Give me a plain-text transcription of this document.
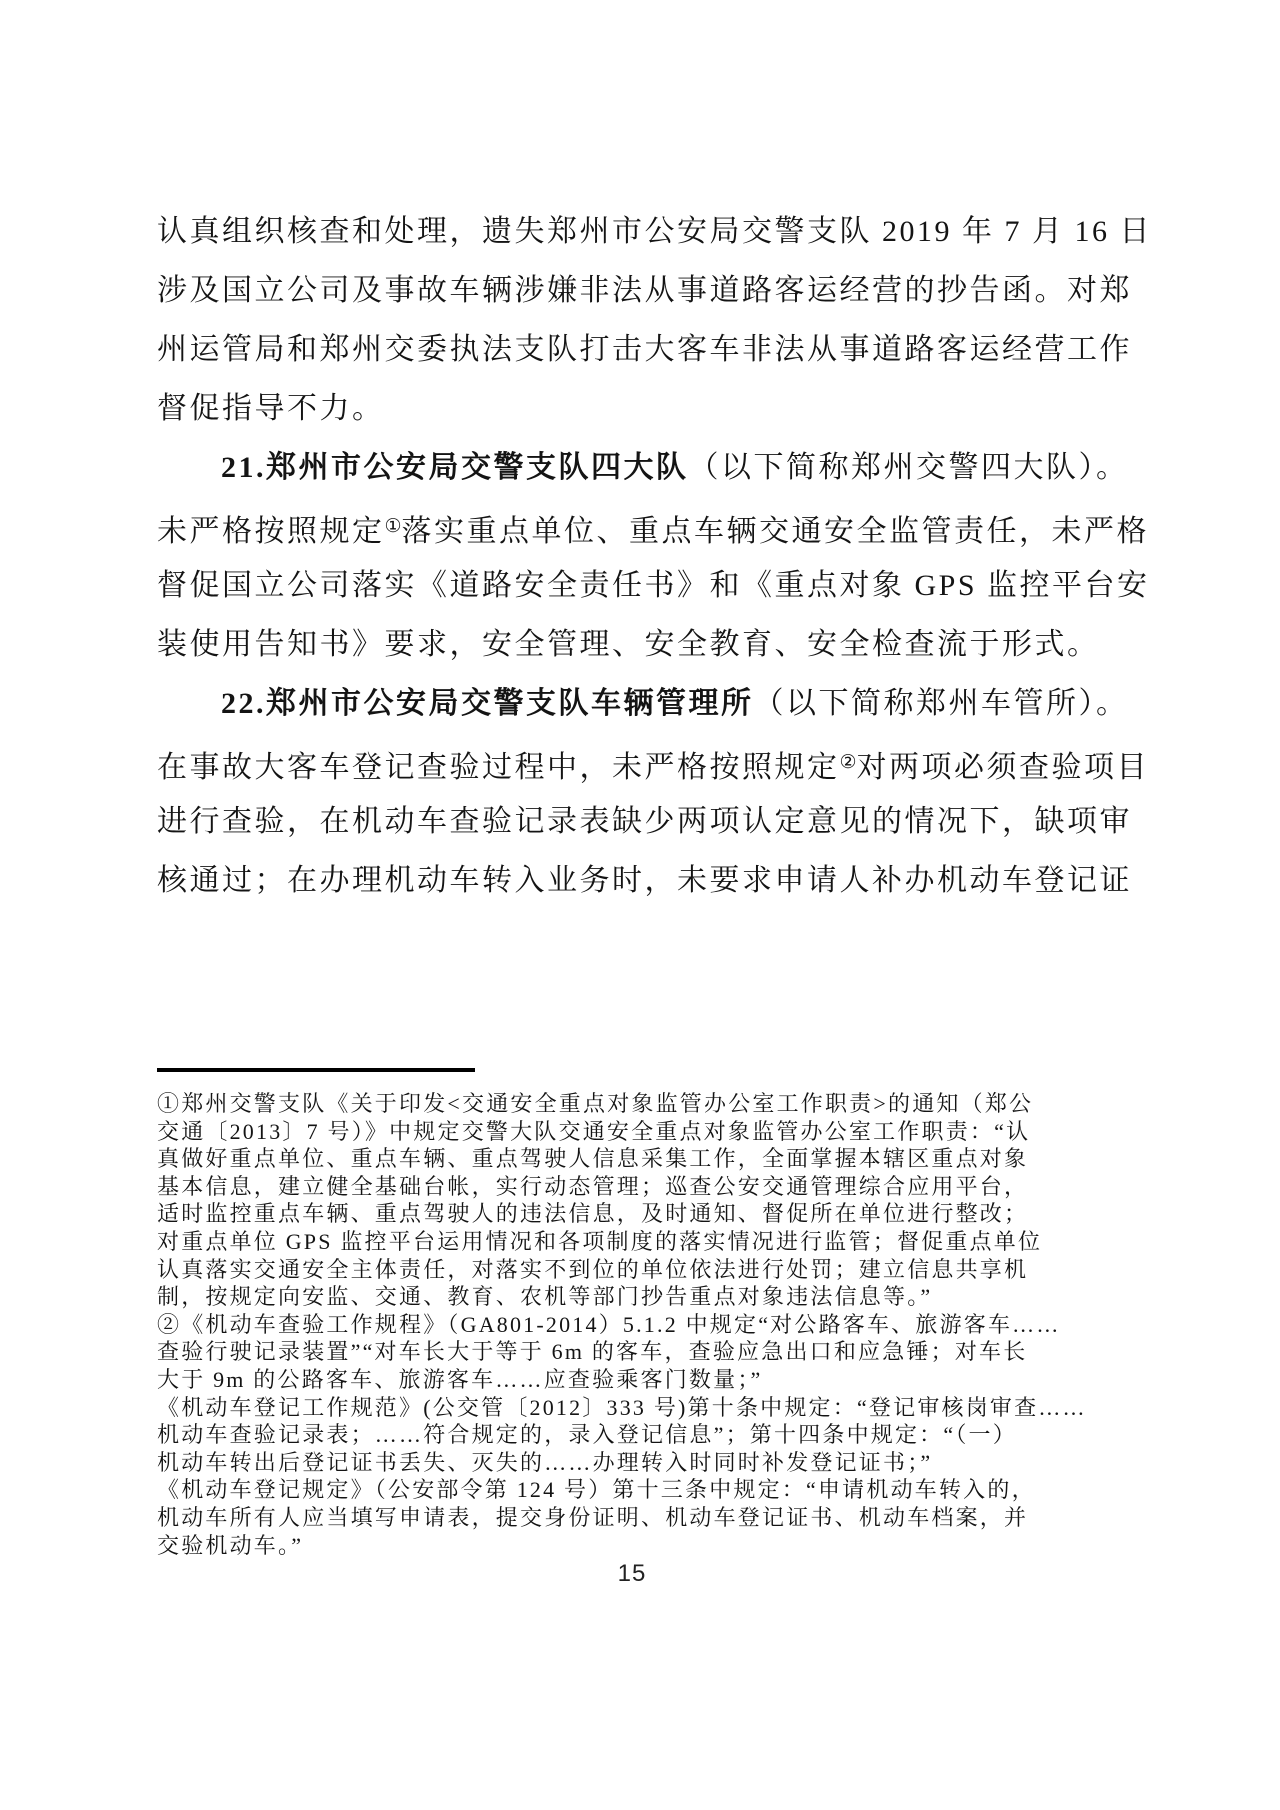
认真组织核查和处理，遗失郑州市公安局交警支队 2019 年 7 月 16 日
涉及国立公司及事故车辆涉嫌非法从事道路客运经营的抄告函。对郑
州运管局和郑州交委执法支队打击大客车非法从事道路客运经营工作
督促指导不力。
21.郑州市公安局交警支队四大队（以下简称郑州交警四大队）。
未严格按照规定①落实重点单位、重点车辆交通安全监管责任，未严格
督促国立公司落实《道路安全责任书》和《重点对象 GPS 监控平台安
装使用告知书》要求，安全管理、安全教育、安全检查流于形式。
22.郑州市公安局交警支队车辆管理所（以下简称郑州车管所）。
在事故大客车登记查验过程中，未严格按照规定②对两项必须查验项目
进行查验，在机动车查验记录表缺少两项认定意见的情况下，缺项审
核通过；在办理机动车转入业务时，未要求申请人补办机动车登记证
①郑州交警支队《关于印发<交通安全重点对象监管办公室工作职责>的通知（郑公
交通〔2013〕7 号）》中规定交警大队交通安全重点对象监管办公室工作职责：“认
真做好重点单位、重点车辆、重点驾驶人信息采集工作，全面掌握本辖区重点对象
基本信息，建立健全基础台帐，实行动态管理；巡查公安交通管理综合应用平台，
适时监控重点车辆、重点驾驶人的违法信息，及时通知、督促所在单位进行整改；
对重点单位 GPS 监控平台运用情况和各项制度的落实情况进行监管；督促重点单位
认真落实交通安全主体责任，对落实不到位的单位依法进行处罚；建立信息共享机
制，按规定向安监、交通、教育、农机等部门抄告重点对象违法信息等。”
②《机动车查验工作规程》（GA801-2014）5.1.2 中规定“对公路客车、旅游客车……
查验行驶记录装置”“对车长大于等于 6m 的客车，查验应急出口和应急锤；对车长
大于 9m 的公路客车、旅游客车……应查验乘客门数量；”
《机动车登记工作规范》(公交管〔2012〕333 号)第十条中规定：“登记审核岗审查……
机动车查验记录表；……符合规定的，录入登记信息”；第十四条中规定：“（一）
机动车转出后登记证书丢失、灭失的……办理转入时同时补发登记证书；”
《机动车登记规定》（公安部令第 124 号）第十三条中规定：“申请机动车转入的，
机动车所有人应当填写申请表，提交身份证明、机动车登记证书、机动车档案，并
交验机动车。”
15
